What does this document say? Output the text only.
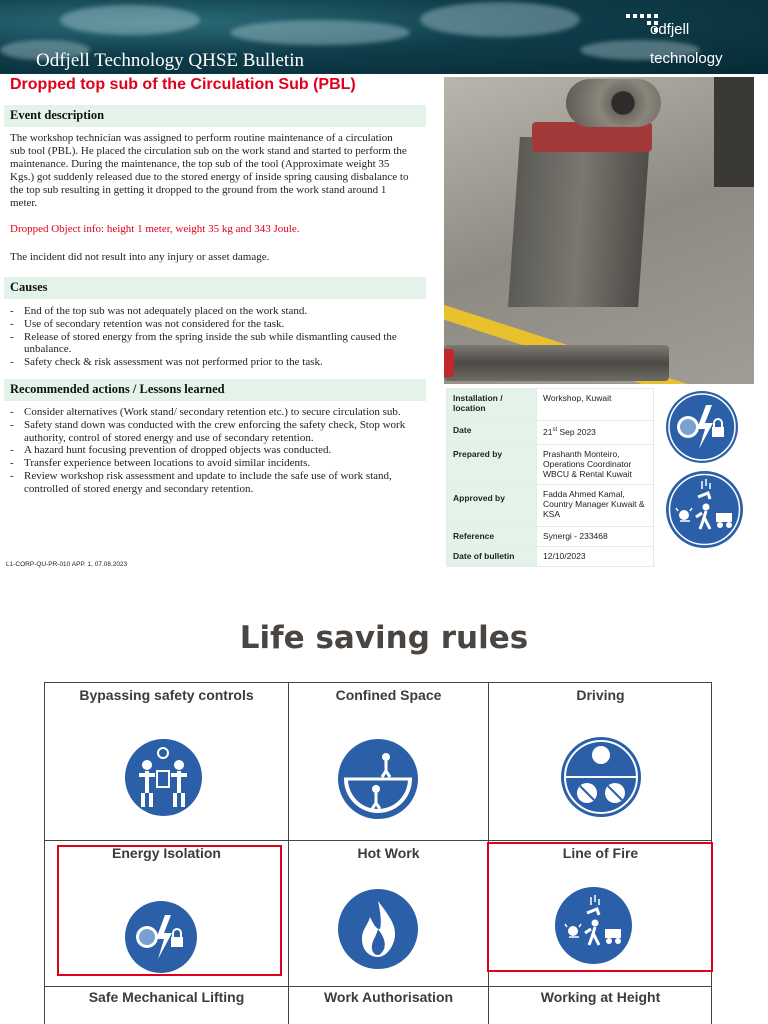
Odfjell Technology QHSE Bulletin
odfjell
technology
Dropped top sub of the Circulation Sub (PBL)
Event description
The workshop technician was assigned to perform routine maintenance of a circulation sub tool (PBL). He placed the circulation sub on the work stand and started to perform the maintenance. During the maintenance, the top sub of the tool (Approximate weight 35 Kgs.) got suddenly released due to the stored energy of inside spring causing disbalance to the top sub resulting in getting it dropped to the ground from the work stand around 1 meter.
Dropped Object info: height 1 meter, weight 35 kg and 343 Joule.
The incident did not result into any injury or asset damage.
Causes
- End of the top sub was not adequately placed on the work stand.
- Use of secondary retention was not considered for the task.
- Release of stored energy from the spring inside the sub while dismantling caused the unbalance.
- Safety check & risk assessment was not performed prior to the task.
Recommended actions / Lessons learned
- Consider alternatives (Work stand/ secondary retention etc.) to secure circulation sub.
- Safety stand down was conducted with the crew enforcing the safety check, Stop work authority, control of stored energy and use of secondary retention.
- A hazard hunt focusing prevention of dropped objects was conducted.
- Transfer experience between locations to avoid similar incidents.
- Review workshop risk assessment and update to include the safe use of work stand, controlled of stored energy and secondary retention.
L1-CORP-QU-PR-010 APP. 1, 07.08.2023
Installation / location	Workshop, Kuwait
Date	21st Sep 2023
Prepared by	Prashanth Monteiro, Operations Coordinator WBCU & Rental Kuwait
Approved by	Fadda Ahmed Kamal, Country Manager Kuwait & KSA
Reference	Synergi - 233468
Date of bulletin	12/10/2023
Life saving rules
Bypassing safety controls	Confined Space	Driving
Energy Isolation	Hot Work	Line of Fire
Safe Mechanical Lifting	Work Authorisation	Working at Height
